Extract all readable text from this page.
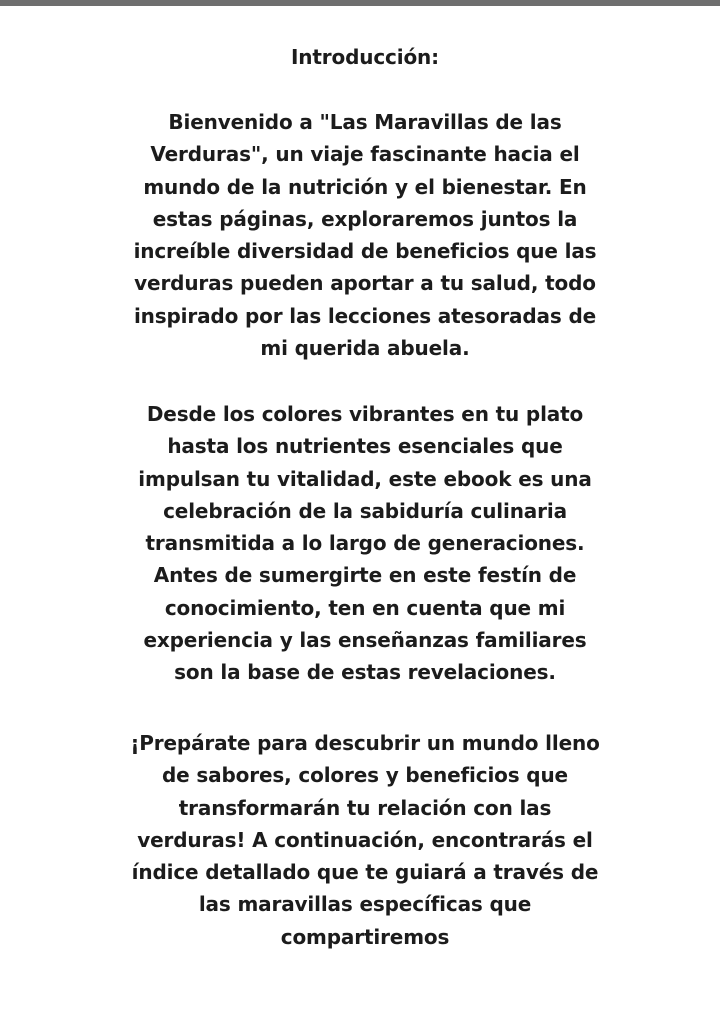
Introducción:

Bienvenido a "Las Maravillas de las
Verduras", un viaje fascinante hacia el
mundo de la nutrición y el bienestar. En
estas páginas, exploraremos juntos la
increíble diversidad de beneficios que las
verduras pueden aportar a tu salud, todo
inspirado por las lecciones atesoradas de
mi querida abuela.

Desde los colores vibrantes en tu plato
hasta los nutrientes esenciales que
impulsan tu vitalidad, este ebook es una
celebración de la sabiduría culinaria
transmitida a lo largo de generaciones.
Antes de sumergirte en este festín de
conocimiento, ten en cuenta que mi
experiencia y las enseñanzas familiares
son la base de estas revelaciones.

¡Prepárate para descubrir un mundo lleno
de sabores, colores y beneficios que
transformarán tu relación con las
verduras! A continuación, encontrarás el
índice detallado que te guiará a través de
las maravillas específicas que
compartiremos
